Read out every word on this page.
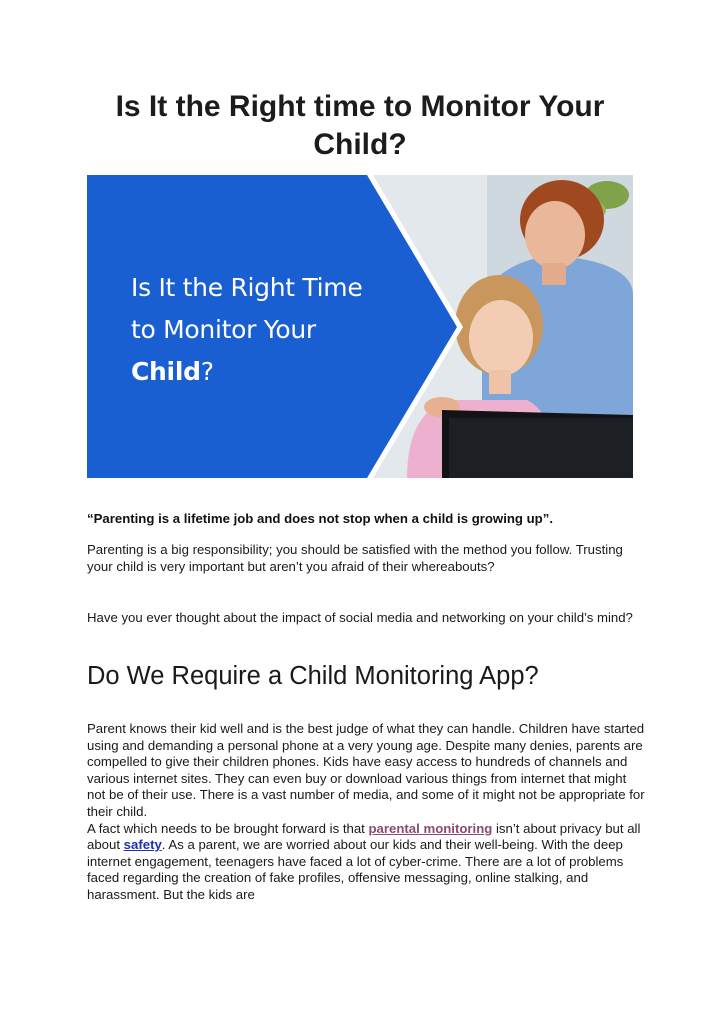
Is It the Right time to Monitor Your Child?
Is It the Right Time
to Monitor Your
Child?

“Parenting is a lifetime job and does not stop when a child is growing up”.

Parenting is a big responsibility; you should be satisfied with the method you follow. Trusting your child is very important but aren’t you afraid of their whereabouts?

Have you ever thought about the impact of social media and networking on your child’s mind?

Do We Require a Child Monitoring App?

Parent knows their kid well and is the best judge of what they can handle. Children have started using and demanding a personal phone at a very young age. Despite many denies, parents are compelled to give their children phones. Kids have easy access to hundreds of channels and various internet sites. They can even buy or download various things from internet that might not be of their use. There is a vast number of media, and some of it might not be appropriate for their child.
A fact which needs to be brought forward is that parental monitoring isn’t about privacy but all about safety. As a parent, we are worried about our kids and their well-being. With the deep internet engagement, teenagers have faced a lot of cyber-crime. There are a lot of problems faced regarding the creation of fake profiles, offensive messaging, online stalking, and harassment. But the kids are
